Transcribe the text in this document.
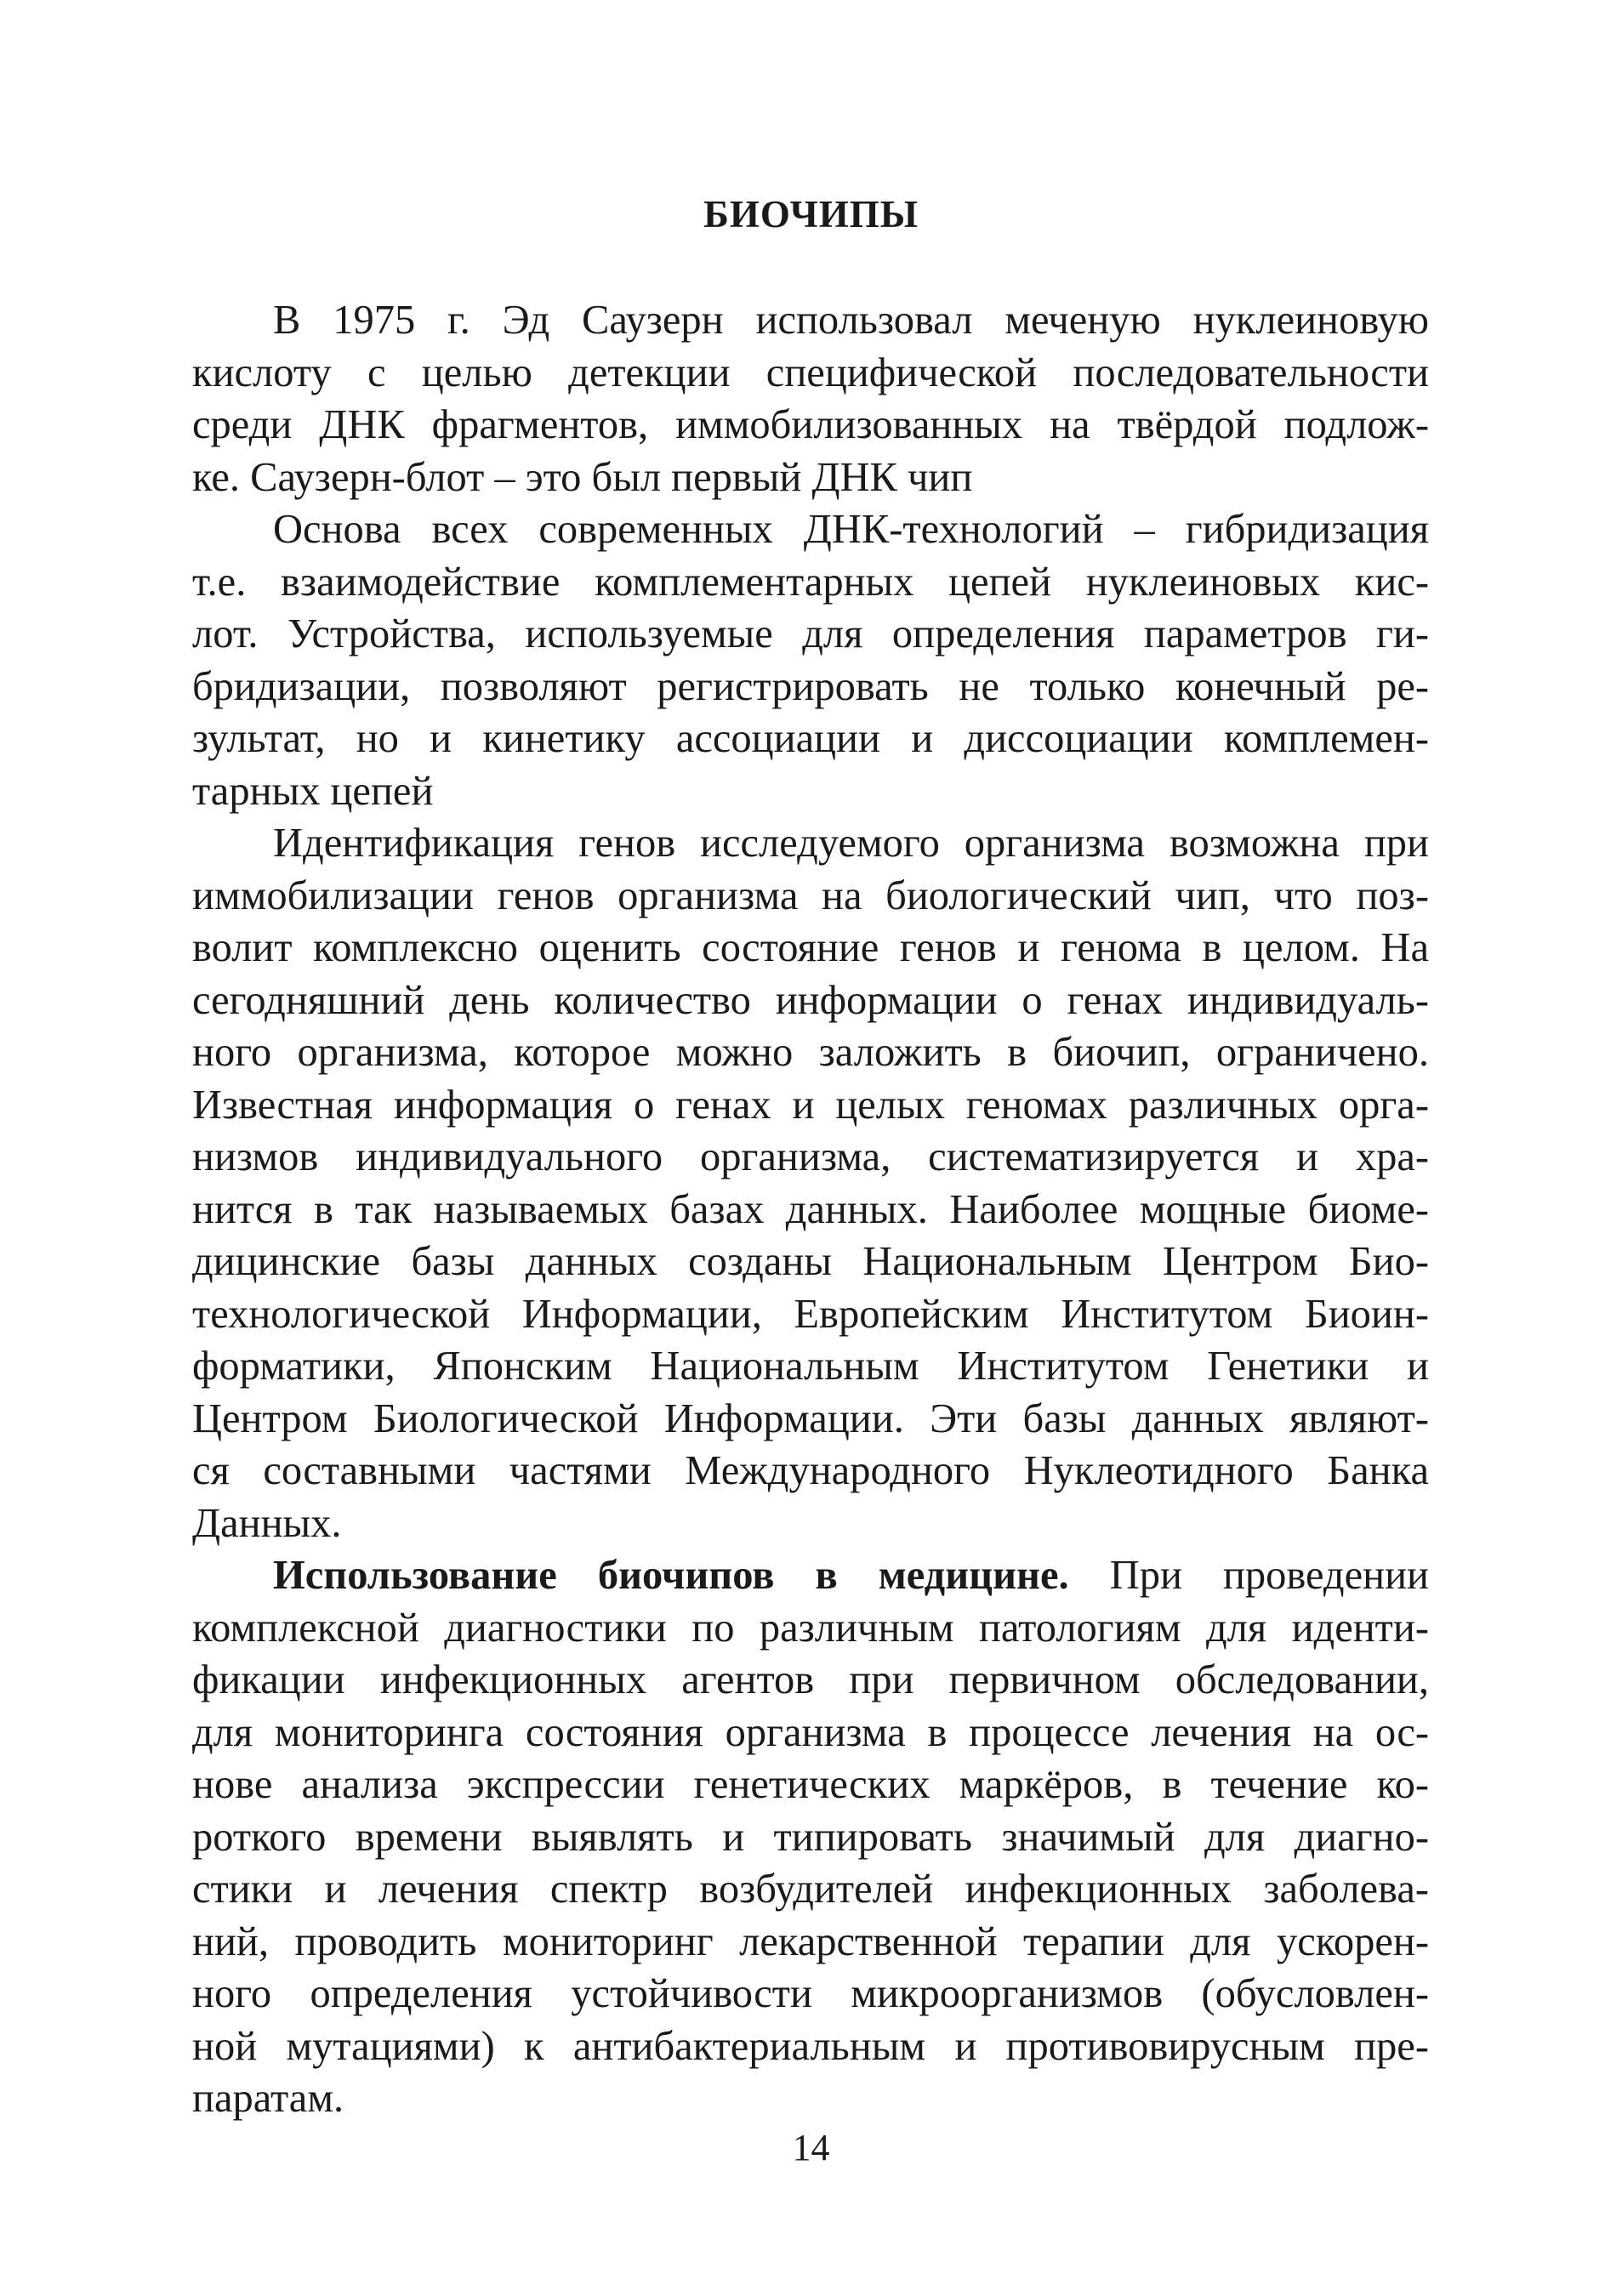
БИОЧИПЫ
В 1975 г. Эд Саузерн использовал меченую нуклеиновую
кислоту с целью детекции специфической последовательности
среди ДНК фрагментов, иммобилизованных на твёрдой подлож-
ке. Саузерн-блот – это был первый ДНК чип
Основа всех современных ДНК-технологий – гибридизация
т.е. взаимодействие комплементарных цепей нуклеиновых кис-
лот. Устройства, используемые для определения параметров ги-
бридизации, позволяют регистрировать не только конечный ре-
зультат, но и кинетику ассоциации и диссоциации комплемен-
тарных цепей
Идентификация генов исследуемого организма возможна при
иммобилизации генов организма на биологический чип, что поз-
волит комплексно оценить состояние генов и генома в целом. На
сегодняшний день количество информации о генах индивидуаль-
ного организма, которое можно заложить в биочип, ограничено.
Известная информация о генах и целых геномах различных орга-
низмов индивидуального организма, систематизируется и хра-
нится в так называемых базах данных. Наиболее мощные биоме-
дицинские базы данных созданы Национальным Центром Био-
технологической Информации, Европейским Институтом Биоин-
форматики, Японским Национальным Институтом Генетики и
Центром Биологической Информации. Эти базы данных являют-
ся составными частями Международного Нуклеотидного Банка
Данных.
Использование биочипов в медицине. При проведении
комплексной диагностики по различным патологиям для иденти-
фикации инфекционных агентов при первичном обследовании,
для мониторинга состояния организма в процессе лечения на ос-
нове анализа экспрессии генетических маркёров, в течение ко-
роткого времени выявлять и типировать значимый для диагно-
стики и лечения спектр возбудителей инфекционных заболева-
ний, проводить мониторинг лекарственной терапии для ускорен-
ного определения устойчивости микроорганизмов (обусловлен-
ной мутациями) к антибактериальным и противовирусным пре-
паратам.
14
